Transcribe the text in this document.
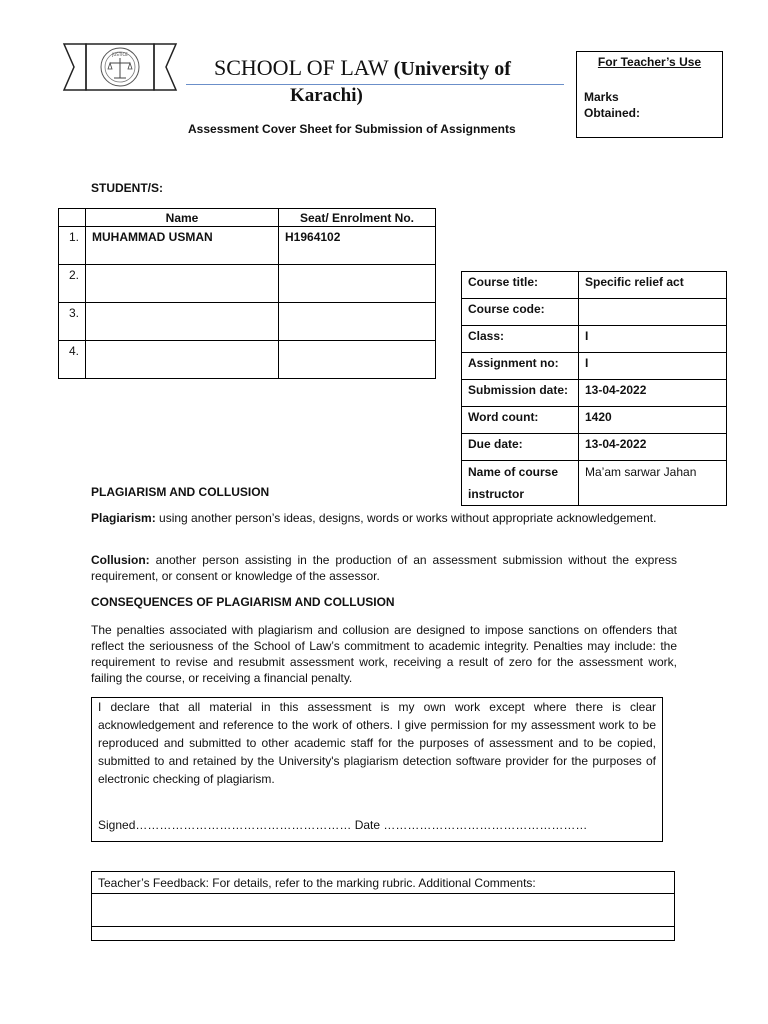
JUSTICE
SCHOOL OF LAW (University of
Karachi)
Assessment Cover Sheet for Submission of Assignments
For Teacher’s Use
Marks
Obtained:
STUDENT/S:
	Name	Seat/ Enrolment No.
1.	MUHAMMAD USMAN	H1964102
2.		
3.		
4.		
Course title:	Specific relief act
Course code:	
Class:	I
Assignment no:	I
Submission date:	13-04-2022
Word count:	1420
Due date:	13-04-2022
Name of course instructor	Ma’am sarwar Jahan
PLAGIARISM AND COLLUSION
Plagiarism: using another person’s ideas, designs, words or works without appropriate acknowledgement.
Collusion: another person assisting in the production of an assessment submission without the express requirement, or consent or knowledge of the assessor.
CONSEQUENCES OF PLAGIARISM AND COLLUSION
The penalties associated with plagiarism and collusion are designed to impose sanctions on offenders that reflect the seriousness of the School of Law’s commitment to academic integrity. Penalties may include: the requirement to revise and resubmit assessment work, receiving a result of zero for the assessment work, failing the course, or receiving a financial penalty.
I declare that all material in this assessment is my own work except where there is clear acknowledgement and reference to the work of others. I give permission for my assessment work to be reproduced and submitted to other academic staff for the purposes of assessment and to be copied, submitted to and retained by the University's plagiarism detection software provider for the purposes of electronic checking of plagiarism.
Signed……………………………………………… Date ……………………………………………
Teacher’s Feedback: For details, refer to the marking rubric. Additional Comments:
